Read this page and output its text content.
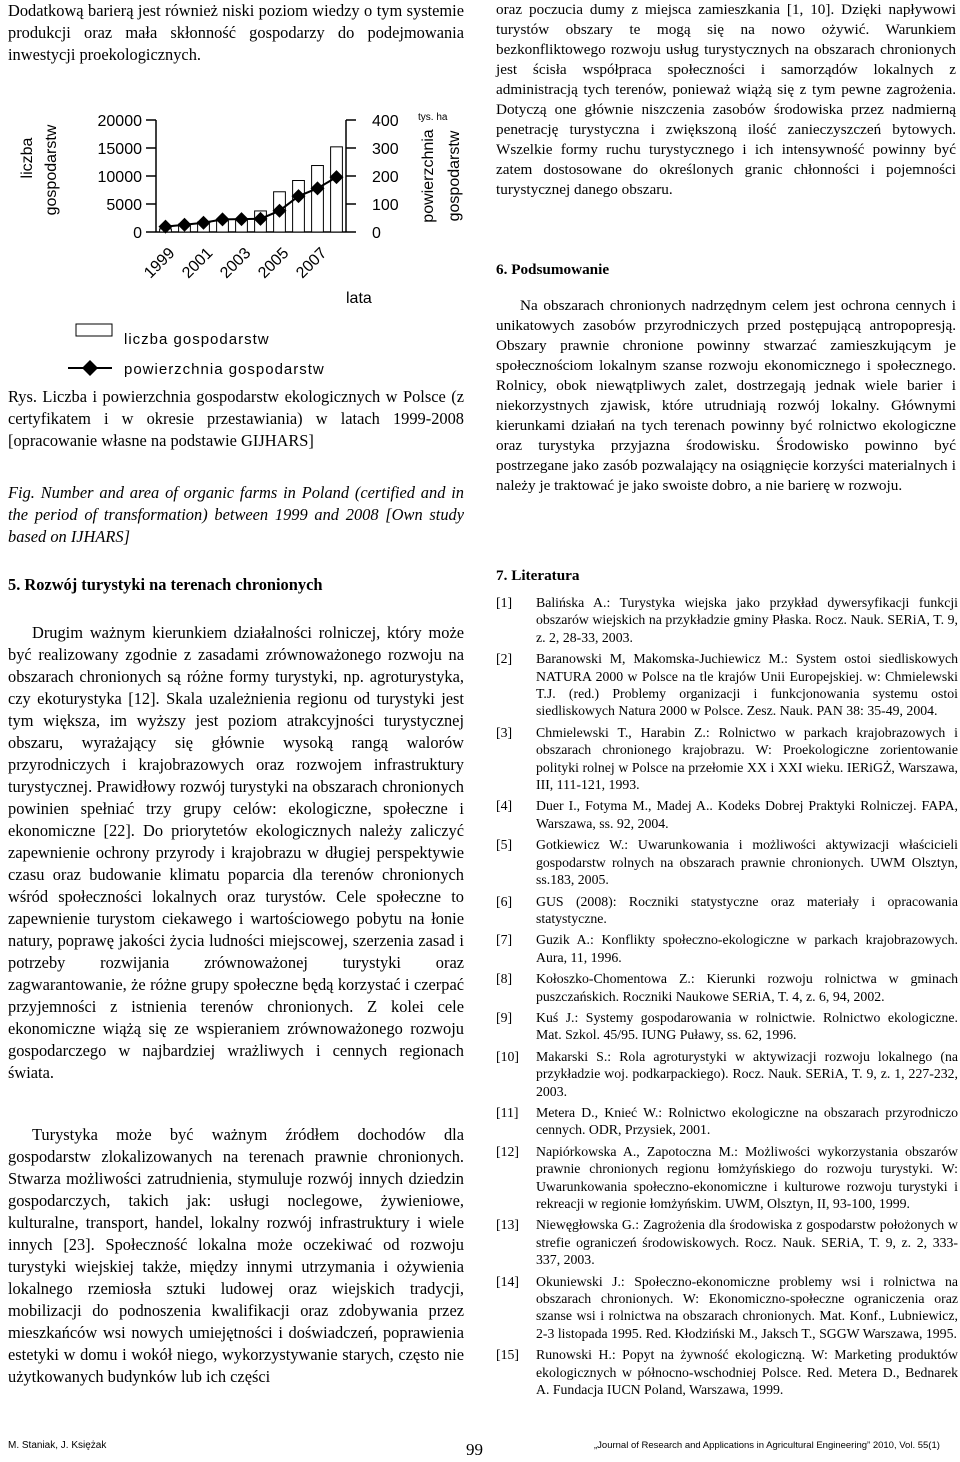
Dodatkową barierą jest również niski poziom wiedzy o tym systemie produkcji oraz mała skłonność gospodarzy do podejmowania inwestycji proekologicznych.

liczba gospodarstw	powierzchnia gospodarstw
tys. ha
lata
20000
15000
10000
5000
0
400
300
200
100
0
1999 2001 2003 2005 2007
liczba gospodarstw
powierzchnia gospodarstw

Rys. Liczba i powierzchnia gospodarstw ekologicznych w Polsce (z certyfikatem i w okresie przestawiania) w latach 1999-2008 [opracowanie własne na podstawie GIJHARS]

Fig. Number and area of organic farms in Poland (certified and in the period of transformation) between 1999 and 2008 [Own study based on IJHARS]

5. Rozwój turystyki na terenach chronionych

Drugim ważnym kierunkiem działalności rolniczej, który może być realizowany zgodnie z zasadami zrównoważonego rozwoju na obszarach chronionych są różne formy turystyki, np. agroturystyka, czy ekoturystyka [12]. Skala uzależnienia regionu od turystyki jest tym większa, im wyższy jest poziom atrakcyjności turystycznej obszaru, wyrażający się głównie wysoką rangą walorów przyrodniczych i krajobrazowych oraz rozwojem infrastruktury turystycznej. Prawidłowy rozwój turystyki na obszarach chronionych powinien spełniać trzy grupy celów: ekologiczne, społeczne i ekonomiczne [22]. Do priorytetów ekologicznych należy zaliczyć zapewnienie ochrony przyrody i krajobrazu w długiej perspektywie czasu oraz budowanie klimatu poparcia dla terenów chronionych wśród społeczności lokalnych oraz turystów. Cele społeczne to zapewnienie turystom ciekawego i wartościowego pobytu na łonie natury, poprawę jakości życia ludności miejscowej, szerzenia zasad i potrzeby rozwijania zrównoważonej turystyki oraz zagwarantowanie, że różne grupy społeczne będą korzystać i czerpać przyjemności z istnienia terenów chronionych. Z kolei cele ekonomiczne wiążą się ze wspieraniem zrównoważonego rozwoju gospodarczego w najbardziej wrażliwych i cennych regionach świata.

Turystyka może być ważnym źródłem dochodów dla gospodarstw zlokalizowanych na terenach prawnie chronionych. Stwarza możliwości zatrudnienia, stymuluje rozwój innych dziedzin gospodarczych, takich jak: usługi noclegowe, żywieniowe, kulturalne, transport, handel, lokalny rozwój infrastruktury i wiele innych [23]. Społeczność lokalna może oczekiwać od rozwoju turystyki wiejskiej także, między innymi utrzymania i ożywienia lokalnego rzemiosła sztuki ludowej oraz wiejskich tradycji, mobilizacji do podnoszenia kwalifikacji oraz zdobywania przez mieszkańców wsi nowych umiejętności i doświadczeń, poprawienia estetyki w domu i wokół niego, wykorzystywanie starych, często nie użytkowanych budynków lub ich części

oraz poczucia dumy z miejsca zamieszkania [1, 10]. Dzięki napływowi turystów obszary te mogą się na nowo ożywić. Warunkiem bezkonfliktowego rozwoju usług turystycznych na obszarach chronionych jest ścisła współpraca społeczności i samorządów lokalnych z administracją tych terenów, ponieważ wiążą się z tym pewne zagrożenia. Dotyczą one głównie niszczenia zasobów środowiska przez nadmierną penetrację turystyczna i zwiększoną ilość zanieczyszczeń bytowych. Wszelkie formy ruchu turystycznego i ich intensywność powinny być zatem dostosowane do określonych granic chłonności i pojemności turystycznej danego obszaru.

6. Podsumowanie

Na obszarach chronionych nadrzędnym celem jest ochrona cennych i unikatowych zasobów przyrodniczych przed postępującą antropopresją. Obszary prawnie chronione powinny stwarzać zamieszkującym je społecznościom lokalnym szanse rozwoju ekonomicznego i społecznego. Rolnicy, obok niewątpliwych zalet, dostrzegają jednak wiele barier i niekorzystnych zjawisk, które utrudniają rozwój lokalny. Głównymi kierunkami działań na tych terenach powinny być rolnictwo ekologiczne oraz turystyka przyjazna środowisku. Środowisko powinno być postrzegane jako zasób pozwalający na osiągnięcie korzyści materialnych i należy je traktować je jako swoiste dobro, a nie barierę w rozwoju.

7. Literatura

[1] Balińska A.: Turystyka wiejska jako przykład dywersyfikacji funkcji obszarów wiejskich na przykładzie gminy Płaska. Rocz. Nauk. SERiA, T. 9, z. 2, 28-33, 2003.
[2] Baranowski M, Makomska-Juchiewicz M.: System ostoi siedliskowych NATURA 2000 w Polsce na tle krajów Unii Europejskiej. w: Chmielewski T.J. (red.) Problemy organizacji i funkcjonowania systemu ostoi siedliskowych Natura 2000 w Polsce. Zesz. Nauk. PAN 38: 35-49, 2004.
[3] Chmielewski T., Harabin Z.: Rolnictwo w parkach krajobrazowych i obszarach chronionego krajobrazu. W: Proekologiczne zorientowanie polityki rolnej w Polsce na przełomie XX i XXI wieku. IERiGŻ, Warszawa, III, 111-121, 1993.
[4] Duer I., Fotyma M., Madej A.. Kodeks Dobrej Praktyki Rolniczej. FAPA, Warszawa, ss. 92, 2004.
[5] Gotkiewicz W.: Uwarunkowania i możliwości aktywizacji właścicieli gospodarstw rolnych na obszarach prawnie chronionych. UWM Olsztyn, ss.183, 2005.
[6] GUS (2008): Roczniki statystyczne oraz materiały i opracowania statystyczne.
[7] Guzik A.: Konflikty społeczno-ekologiczne w parkach krajobrazowych. Aura, 11, 1996.
[8] Kołoszko-Chomentowa Z.: Kierunki rozwoju rolnictwa w gminach puszczańskich. Roczniki Naukowe SERiA, T. 4, z. 6, 94, 2002.
[9] Kuś J.: Systemy gospodarowania w rolnictwie. Rolnictwo ekologiczne. Mat. Szkol. 45/95. IUNG Puławy, ss. 62, 1996.
[10] Makarski S.: Rola agroturystyki w aktywizacji rozwoju lokalnego (na przykładzie woj. podkarpackiego). Rocz. Nauk. SERiA, T. 9, z. 1, 227-232, 2003.
[11] Metera D., Knieć W.: Rolnictwo ekologiczne na obszarach przyrodniczo cennych. ODR, Przysiek, 2001.
[12] Napiórkowska A., Zapotoczna M.: Możliwości wykorzystania obszarów prawnie chronionych regionu łomżyńskiego do rozwoju turystyki. W: Uwarunkowania społeczno-ekonomiczne i kulturowe rozwoju turystyki i rekreacji w regionie łomżyńskim. UWM, Olsztyn, II, 93-100, 1999.
[13] Niewęgłowska G.: Zagrożenia dla środowiska z gospodarstw położonych w strefie ograniczeń środowiskowych. Rocz. Nauk. SERiA, T. 9, z. 2, 333-337, 2003.
[14] Okuniewski J.: Społeczno-ekonomiczne problemy wsi i rolnictwa na obszarach chronionych. W: Ekonomiczno-społeczne ograniczenia oraz szanse wsi i rolnictwa na obszarach chronionych. Mat. Konf., Lubniewicz, 2-3 listopada 1995. Red. Kłodziński M., Jaksch T., SGGW Warszawa, 1995.
[15] Runowski H.: Popyt na żywność ekologiczną. W: Marketing produktów ekologicznych w północno-wschodniej Polsce. Red. Metera D., Bednarek A. Fundacja IUCN Poland, Warszawa, 1999.
M. Staniak, J. Księżak	99	„Journal of Research and Applications in Agricultural Engineering” 2010, Vol. 55(1)
